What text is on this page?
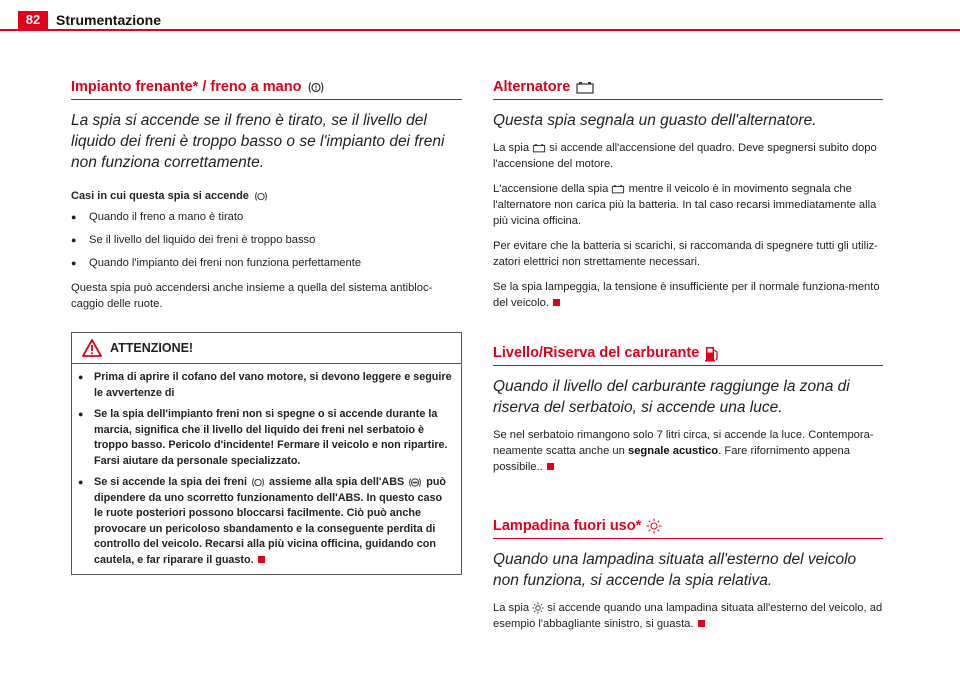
82	Strumentazione
Impianto frenante* / freno a mano !
La spia si accende se il freno è tirato, se il livello del liquido dei freni è troppo basso o se l'impianto dei freni non funziona correttamente.
Casi in cui questa spia si accende
● Quando il freno a mano è tirato
● Se il livello del liquido dei freni è troppo basso
● Quando l'impianto dei freni non funziona perfettamente

Questa spia può accendersi anche insieme a quella del sistema antibloc-caggio delle ruote.

ATTENZIONE!
● Prima di aprire il cofano del vano motore, si devono leggere e seguire le avvertenze di
● Se la spia dell'impianto freni non si spegne o si accende durante la marcia, significa che il livello del liquido dei freni nel serbatoio è troppo basso. Pericolo d'incidente! Fermare il veicolo e non ripartire. Farsi aiutare da personale specializzato.
● Se si accende la spia dei freni assieme alla spia dell'ABS può dipendere da uno scorretto funzionamento dell'ABS. In questo caso le ruote posteriori possono bloccarsi facilmente. Ciò può anche provocare un pericoloso sbandamento e la conseguente perdita di controllo del veicolo. Recarsi alla più vicina officina, guidando con cautela, e far riparare il guasto.
Alternatore
Questa spia segnala un guasto dell'alternatore.

La spia si accende all'accensione del quadro. Deve spegnersi subito dopo l'accensione del motore.

L'accensione della spia mentre il veicolo è in movimento segnala che l'alternatore non carica più la batteria. In tal caso recarsi immediatamente alla più vicina officina.

Per evitare che la batteria si scarichi, si raccomanda di spegnere tutti gli utiliz-zatori elettrici non strettamente necessari.

Se la spia lampeggia, la tensione è insufficiente per il normale funziona-mento del veicolo.

Livello/Riserva del carburante
Quando il livello del carburante raggiunge la zona di riserva del serbatoio, si accende una luce.

Se nel serbatoio rimangono solo 7 litri circa, si accende la luce. Contempora-neamente scatta anche un segnale acustico. Fare rifornimento appena possibile..

Lampadina fuori uso*
Quando una lampadina situata all'esterno del veicolo non funziona, si accende la spia relativa.

La spia si accende quando una lampadina situata all'esterno del veicolo, ad esempio l'abbagliante sinistro, si guasta.
